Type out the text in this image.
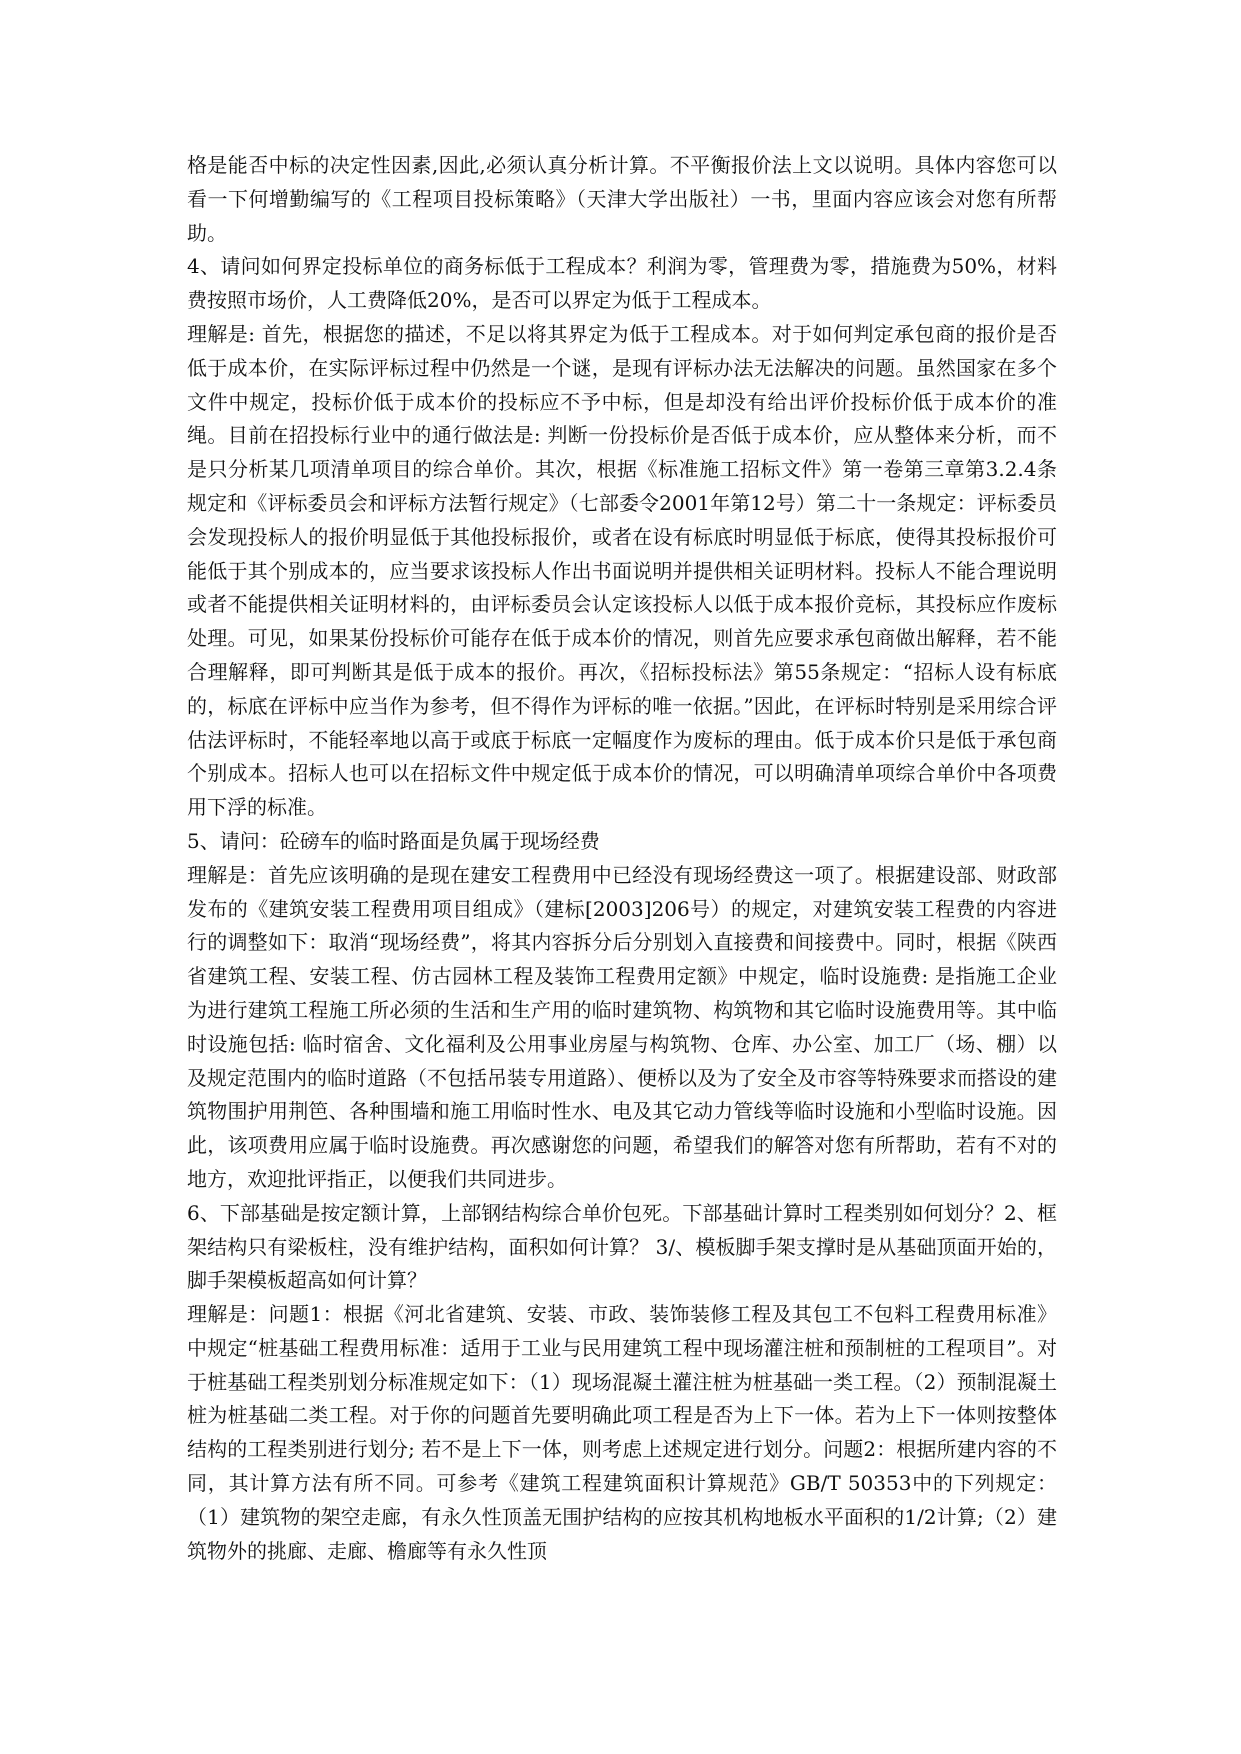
格是能否中标的决定性因素,因此,必须认真分析计算。不平衡报价法上文以说明。具体内容您可以看一下何增勤编写的《工程项目投标策略》（天津大学出版社）一书，里面内容应该会对您有所帮助。

4、请问如何界定投标单位的商务标低于工程成本？利润为零，管理费为零，措施费为50%，材料费按照市场价，人工费降低20%，是否可以界定为低于工程成本。

理解是: 首先，根据您的描述，不足以将其界定为低于工程成本。对于如何判定承包商的报价是否低于成本价，在实际评标过程中仍然是一个谜，是现有评标办法无法解决的问题。虽然国家在多个文件中规定，投标价低于成本价的投标应不予中标，但是却没有给出评价投标价低于成本价的准绳。目前在招投标行业中的通行做法是: 判断一份投标价是否低于成本价，应从整体来分析，而不是只分析某几项清单项目的综合单价。其次，根据《标准施工招标文件》第一卷第三章第3.2.4条规定和《评标委员会和评标方法暂行规定》（七部委令2001年第12号）第二十一条规定：评标委员会发现投标人的报价明显低于其他投标报价，或者在设有标底时明显低于标底，使得其投标报价可能低于其个别成本的，应当要求该投标人作出书面说明并提供相关证明材料。投标人不能合理说明或者不能提供相关证明材料的，由评标委员会认定该投标人以低于成本报价竞标，其投标应作废标处理。可见，如果某份投标价可能存在低于成本价的情况，则首先应要求承包商做出解释，若不能合理解释，即可判断其是低于成本的报价。再次，《招标投标法》第55条规定：“招标人设有标底的，标底在评标中应当作为参考，但不得作为评标的唯一依据。”因此，在评标时特别是采用综合评估法评标时，不能轻率地以高于或底于标底一定幅度作为废标的理由。低于成本价只是低于承包商个别成本。招标人也可以在招标文件中规定低于成本价的情况，可以明确清单项综合单价中各项费用下浮的标准。

5、请问：砼磅车的临时路面是负属于现场经费

理解是：首先应该明确的是现在建安工程费用中已经没有现场经费这一项了。根据建设部、财政部发布的《建筑安装工程费用项目组成》（建标[2003]206号）的规定，对建筑安装工程费的内容进行的调整如下：取消“现场经费”，将其内容拆分后分别划入直接费和间接费中。同时，根据《陕西省建筑工程、安装工程、仿古园林工程及装饰工程费用定额》中规定，临时设施费: 是指施工企业为进行建筑工程施工所必须的生活和生产用的临时建筑物、构筑物和其它临时设施费用等。其中临时设施包括: 临时宿舍、文化福利及公用事业房屋与构筑物、仓库、办公室、加工厂（场、棚）以及规定范围内的临时道路（不包括吊装专用道路）、便桥以及为了安全及市容等特殊要求而搭设的建筑物围护用荆笆、各种围墙和施工用临时性水、电及其它动力管线等临时设施和小型临时设施。因此，该项费用应属于临时设施费。再次感谢您的问题，希望我们的解答对您有所帮助，若有不对的地方，欢迎批评指正，以便我们共同进步。

6、下部基础是按定额计算，上部钢结构综合单价包死。下部基础计算时工程类别如何划分？2、框架结构只有梁板柱，没有维护结构，面积如何计算？ 3/、模板脚手架支撑时是从基础顶面开始的，脚手架模板超高如何计算？

理解是：问题1：根据《河北省建筑、安装、市政、装饰装修工程及其包工不包料工程费用标准》中规定“桩基础工程费用标准：适用于工业与民用建筑工程中现场灌注桩和预制桩的工程项目”。对于桩基础工程类别划分标准规定如下：（1）现场混凝土灌注桩为桩基础一类工程。（2）预制混凝土桩为桩基础二类工程。对于你的问题首先要明确此项工程是否为上下一体。若为上下一体则按整体结构的工程类别进行划分; 若不是上下一体，则考虑上述规定进行划分。问题2：根据所建内容的不同，其计算方法有所不同。可参考《建筑工程建筑面积计算规范》GB/T 50353中的下列规定：（1）建筑物的架空走廊，有永久性顶盖无围护结构的应按其机构地板水平面积的1/2计算;（2）建筑物外的挑廊、走廊、檐廊等有永久性顶
